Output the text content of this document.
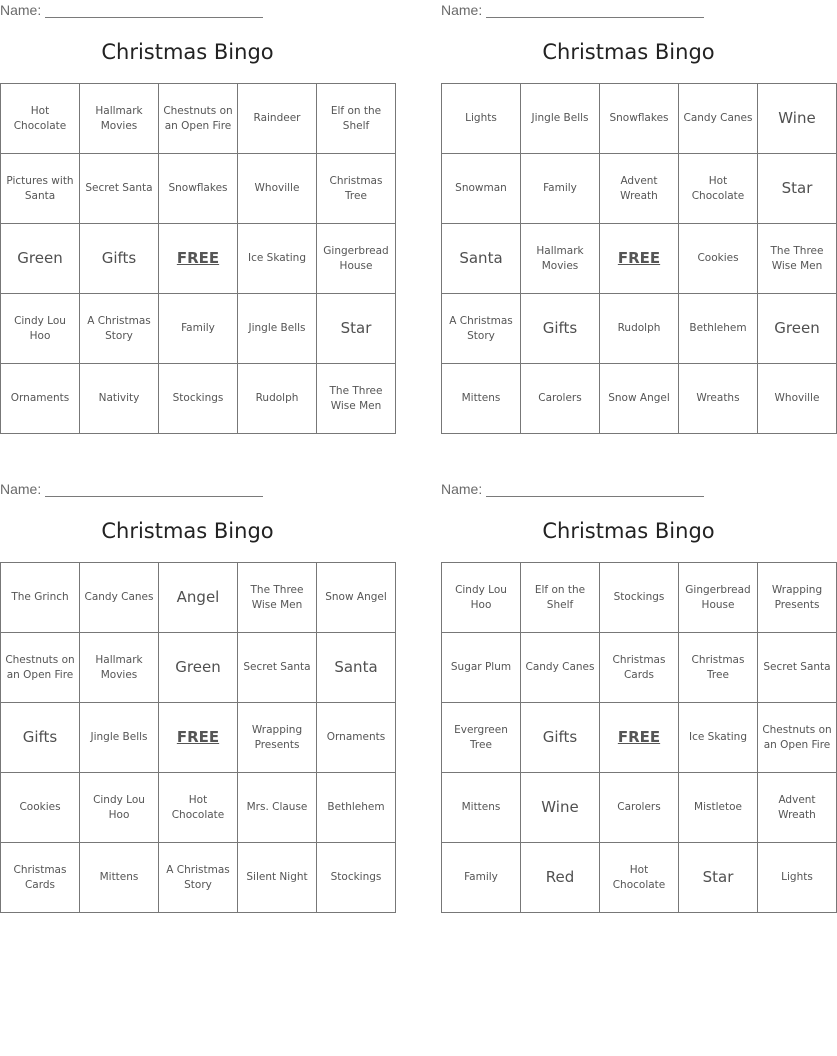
Name:
Christmas Bingo
Hot Chocolate	Hallmark Movies	Chestnuts on an Open Fire	Raindeer	Elf on the Shelf
Pictures with Santa	Secret Santa	Snowflakes	Whoville	Christmas Tree
Green	Gifts	FREE	Ice Skating	Gingerbread House
Cindy Lou Hoo	A Christmas Story	Family	Jingle Bells	Star
Ornaments	Nativity	Stockings	Rudolph	The Three Wise Men
Name:
Christmas Bingo
Lights	Jingle Bells	Snowflakes	Candy Canes	Wine
Snowman	Family	Advent Wreath	Hot Chocolate	Star
Santa	Hallmark Movies	FREE	Cookies	The Three Wise Men
A Christmas Story	Gifts	Rudolph	Bethlehem	Green
Mittens	Carolers	Snow Angel	Wreaths	Whoville
Name:
Christmas Bingo
The Grinch	Candy Canes	Angel	The Three Wise Men	Snow Angel
Chestnuts on an Open Fire	Hallmark Movies	Green	Secret Santa	Santa
Gifts	Jingle Bells	FREE	Wrapping Presents	Ornaments
Cookies	Cindy Lou Hoo	Hot Chocolate	Mrs. Clause	Bethlehem
Christmas Cards	Mittens	A Christmas Story	Silent Night	Stockings
Name:
Christmas Bingo
Cindy Lou Hoo	Elf on the Shelf	Stockings	Gingerbread House	Wrapping Presents
Sugar Plum	Candy Canes	Christmas Cards	Christmas Tree	Secret Santa
Evergreen Tree	Gifts	FREE	Ice Skating	Chestnuts on an Open Fire
Mittens	Wine	Carolers	Mistletoe	Advent Wreath
Family	Red	Hot Chocolate	Star	Lights
